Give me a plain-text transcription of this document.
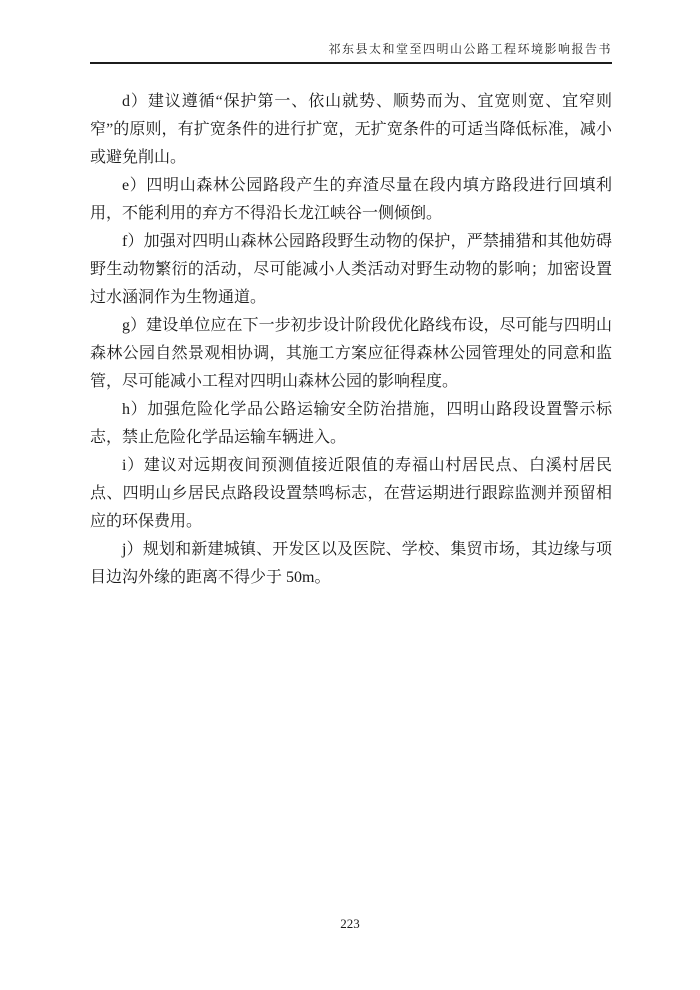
祁东县太和堂至四明山公路工程环境影响报告书

d）建议遵循“保护第一、依山就势、顺势而为、宜宽则宽、宜窄则窄”的原则，有扩宽条件的进行扩宽，无扩宽条件的可适当降低标准，减小或避免削山。

e）四明山森林公园路段产生的弃渣尽量在段内填方路段进行回填利用，不能利用的弃方不得沿长龙江峡谷一侧倾倒。

f）加强对四明山森林公园路段野生动物的保护，严禁捕猎和其他妨碍野生动物繁衍的活动，尽可能减小人类活动对野生动物的影响；加密设置过水涵洞作为生物通道。

g）建设单位应在下一步初步设计阶段优化路线布设，尽可能与四明山森林公园自然景观相协调，其施工方案应征得森林公园管理处的同意和监管，尽可能减小工程对四明山森林公园的影响程度。

h）加强危险化学品公路运输安全防治措施，四明山路段设置警示标志，禁止危险化学品运输车辆进入。

i）建议对远期夜间预测值接近限值的寿福山村居民点、白溪村居民点、四明山乡居民点路段设置禁鸣标志，在营运期进行跟踪监测并预留相应的环保费用。

j）规划和新建城镇、开发区以及医院、学校、集贸市场，其边缘与项目边沟外缘的距离不得少于 50m。

223
